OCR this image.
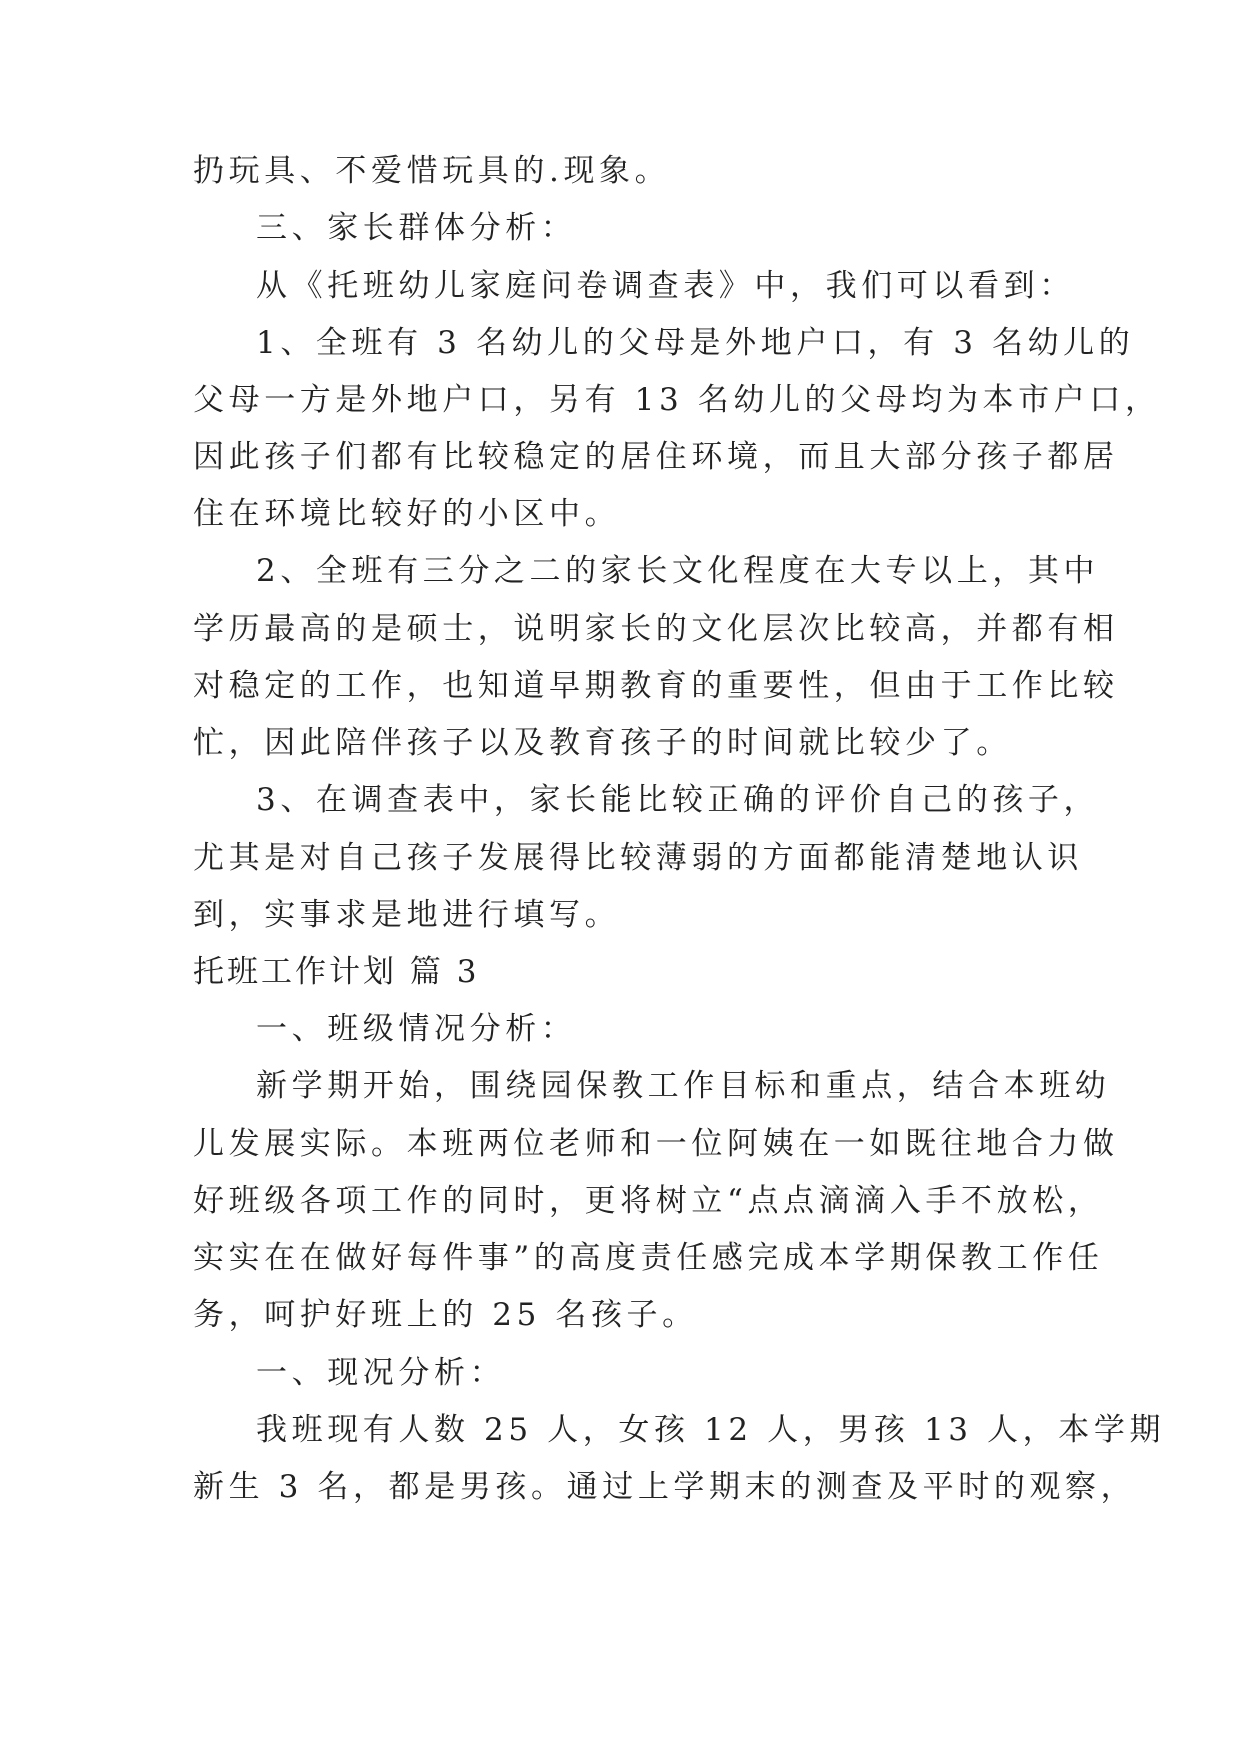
扔玩具、不爱惜玩具的.现象。
三、家长群体分析：
从《托班幼儿家庭问卷调查表》中，我们可以看到：
1、全班有 3 名幼儿的父母是外地户口，有 3 名幼儿的
父母一方是外地户口，另有 13 名幼儿的父母均为本市户口，
因此孩子们都有比较稳定的居住环境，而且大部分孩子都居
住在环境比较好的小区中。
2、全班有三分之二的家长文化程度在大专以上，其中
学历最高的是硕士，说明家长的文化层次比较高，并都有相
对稳定的工作，也知道早期教育的重要性，但由于工作比较
忙，因此陪伴孩子以及教育孩子的时间就比较少了。
3、在调查表中，家长能比较正确的评价自己的孩子，
尤其是对自己孩子发展得比较薄弱的方面都能清楚地认识
到，实事求是地进行填写。
托班工作计划 篇 3
一、班级情况分析：
新学期开始，围绕园保教工作目标和重点，结合本班幼
儿发展实际。本班两位老师和一位阿姨在一如既往地合力做
好班级各项工作的同时，更将树立“点点滴滴入手不放松，
实实在在做好每件事”的高度责任感完成本学期保教工作任
务，呵护好班上的 25 名孩子。
一、现况分析：
我班现有人数 25 人，女孩 12 人，男孩 13 人，本学期
新生 3 名，都是男孩。通过上学期末的测查及平时的观察，
